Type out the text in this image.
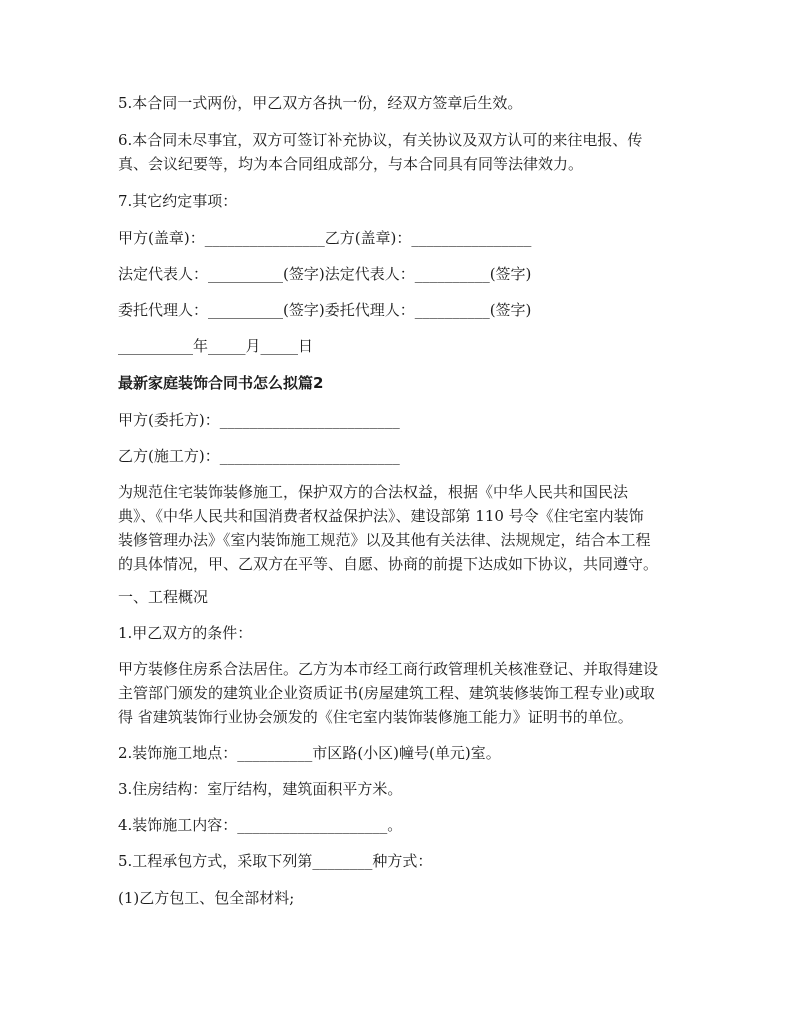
5.本合同一式两份，甲乙双方各执一份，经双方签章后生效。

6.本合同未尽事宜，双方可签订补充协议，有关协议及双方认可的来往电报、传
真、会议纪要等，均为本合同组成部分，与本合同具有同等法律效力。

7.其它约定事项：

甲方(盖章)：________________乙方(盖章)：________________

法定代表人：__________(签字)法定代表人：__________(签字)

委托代理人：__________(签字)委托代理人：__________(签字)

__________年_____月_____日

最新家庭装饰合同书怎么拟篇2

甲方(委托方)：________________________

乙方(施工方)：________________________

为规范住宅装饰装修施工，保护双方的合法权益，根据《中华人民共和国民法
典》、《中华人民共和国消费者权益保护法》、建设部第 110 号令《住宅室内装饰
装修管理办法》《室内装饰施工规范》以及其他有关法律、法规规定，结合本工程
的具体情况，甲、乙双方在平等、自愿、协商的前提下达成如下协议，共同遵守。

一、工程概况

1.甲乙双方的条件：

甲方装修住房系合法居住。乙方为本市经工商行政管理机关核准登记、并取得建设
主管部门颁发的建筑业企业资质证书(房屋建筑工程、建筑装修装饰工程专业)或取
得 省建筑装饰行业协会颁发的《住宅室内装饰装修施工能力》证明书的单位。

2.装饰施工地点：__________市区路(小区)幢号(单元)室。

3.住房结构：室厅结构，建筑面积平方米。

4.装饰施工内容：____________________。

5.工程承包方式，采取下列第________种方式：

(1)乙方包工、包全部材料;
